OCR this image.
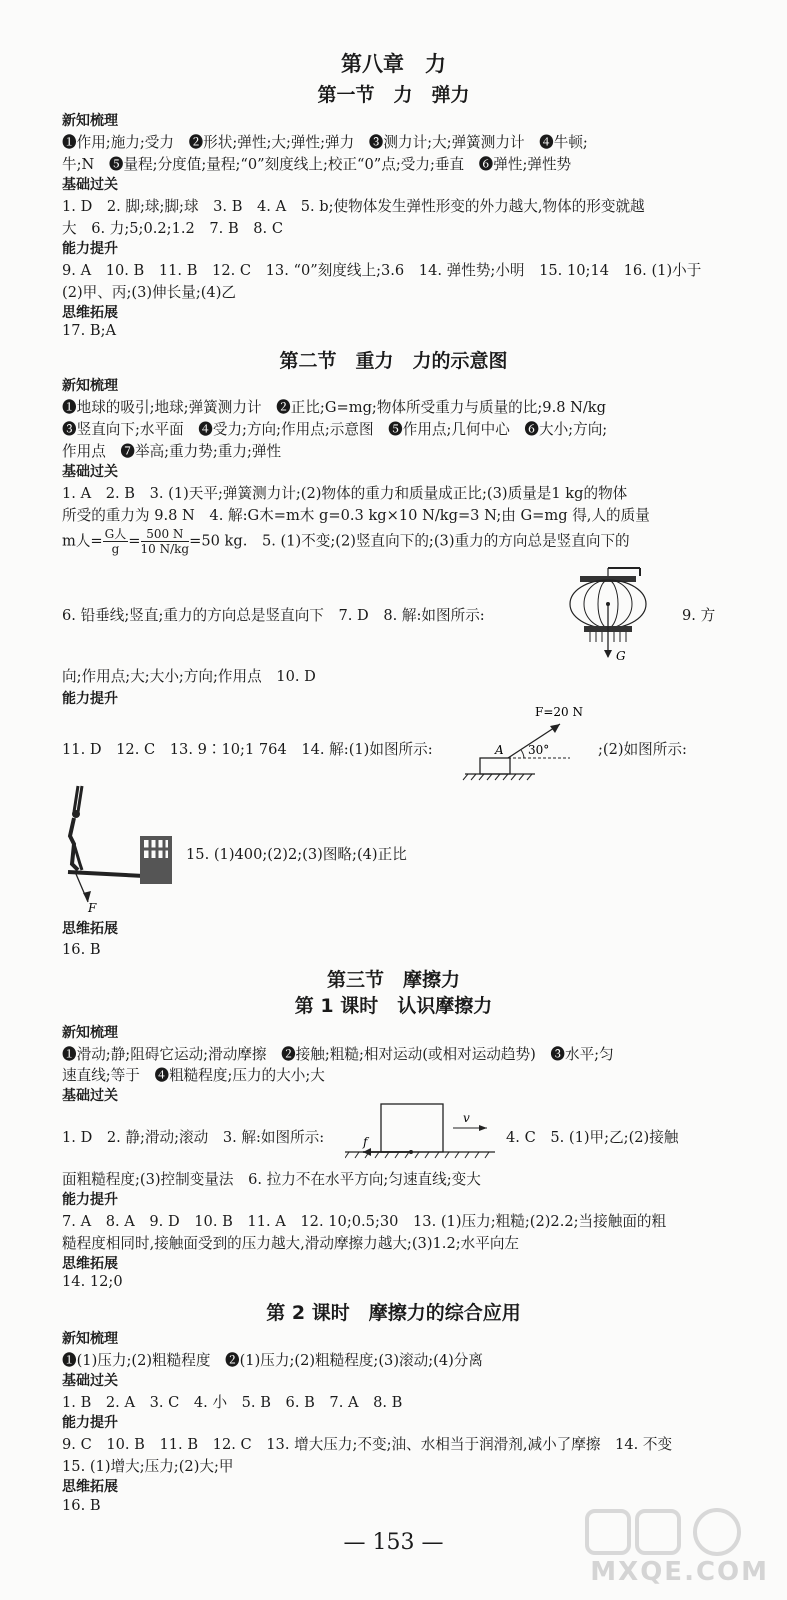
第八章　力
第一节　力　弹力
新知梳理
❶作用;施力;受力　❷形状;弹性;大;弹性;弹力　❸测力计;大;弹簧测力计　❹牛顿;
牛;N　❺量程;分度值;量程;“0”刻度线上;校正“0”点;受力;垂直　❻弹性;弹性势
基础过关
1. D　2. 脚;球;脚;球　3. B　4. A　5. b;使物体发生弹性形变的外力越大,物体的形变就越
大　6. 力;5;0.2;1.2　7. B　8. C
能力提升
9. A　10. B　11. B　12. C　13. “0”刻度线上;3.6　14. 弹性势;小明　15. 10;14　16. (1)小于
(2)甲、丙;(3)伸长量;(4)乙
思维拓展
17. B;A
第二节　重力　力的示意图
新知梳理
❶地球的吸引;地球;弹簧测力计　❷正比;G=mg;物体所受重力与质量的比;9.8 N/kg
❸竖直向下;水平面　❹受力;方向;作用点;示意图　❺作用点;几何中心　❻大小;方向;
作用点　❼举高;重力势;重力;弹性
基础过关
1. A　2. B　3. (1)天平;弹簧测力计;(2)物体的重力和质量成正比;(3)质量是1 kg的物体
所受的重力为 9.8 N　4. 解:G木=m木 g=0.3 kg×10 N/kg=3 N;由 G=mg 得,人的质量
m人= $\frac{\text{G人}}{g} = \frac{500 N}{10 N/kg} =50$ kg.　5. (1)不变;(2)竖直向下的;(3)重力的方向总是竖直向下的
G
6. 铅垂线;竖直;重力的方向总是竖直向下　7. D　8. 解:如图所示:	9. 方
向;作用点;大;大小;方向;作用点　10. D
能力提升
F=20 N
30°
A
11. D　12. C　13. 9∶10;1 764　14. 解:(1)如图所示:	;(2)如图所示:
F
15. (1)400;(2)2;(3)图略;(4)正比
思维拓展
16. B
第三节　摩擦力
第 1 课时　认识摩擦力
新知梳理
❶滑动;静;阻碍它运动;滑动摩擦　❷接触;粗糙;相对运动(或相对运动趋势)　❸水平;匀
速直线;等于　❹粗糙程度;压力的大小;大
基础过关
f
v
1. D　2. 静;滑动;滚动　3. 解:如图所示:	4. C　5. (1)甲;乙;(2)接触
面粗糙程度;(3)控制变量法　6. 拉力不在水平方向;匀速直线;变大
能力提升
7. A　8. A　9. D　10. B　11. A　12. 10;0.5;30　13. (1)压力;粗糙;(2)2.2;当接触面的粗
糙程度相同时,接触面受到的压力越大,滑动摩擦力越大;(3)1.2;水平向左
思维拓展
14. 12;0
第 2 课时　摩擦力的综合应用
新知梳理
❶(1)压力;(2)粗糙程度　❷(1)压力;(2)粗糙程度;(3)滚动;(4)分离
基础过关
1. B　2. A　3. C　4. 小　5. B　6. B　7. A　8. B
能力提升
9. C　10. B　11. B　12. C　13. 增大压力;不变;油、水相当于润滑剂,减小了摩擦　14. 不变
15. (1)增大;压力;(2)大;甲
思维拓展
16. B
MXQE.COM
— 153 —
